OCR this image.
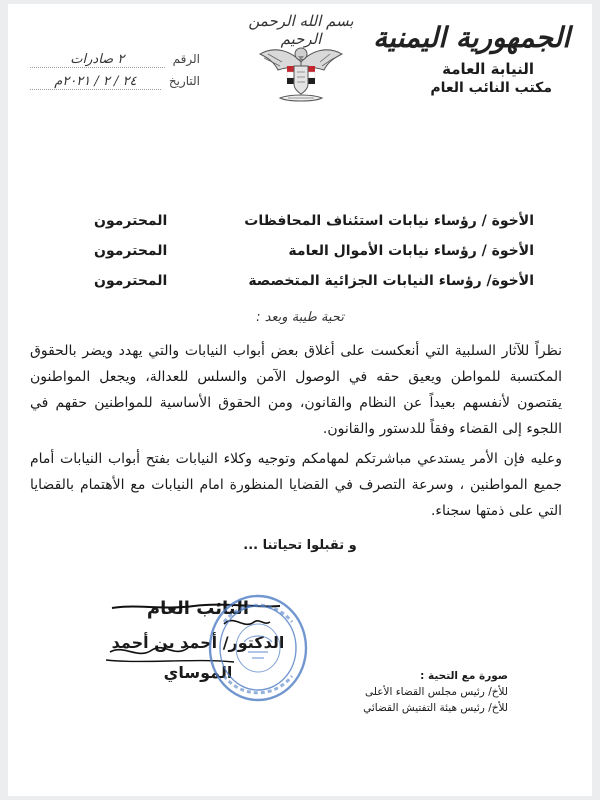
الجمهورية اليمنية
النيابة العامة
مكتب النائب العام
بسم الله الرحمن الرحيم
الرقم
٢ صادرات
التاريخ
٢٤ / ٢ / ٢٠٢١م
الأخوة / رؤساء نيابات استئناف المحافظات
المحترمون
الأخوة / رؤساء نيابات الأموال العامة
المحترمون
الأخوة/ رؤساء النيابات الجزائية المتخصصة
المحترمون
تحية طيبة وبعد :

نظراً للآثار السلبية التي أنعكست على أغلاق بعض أبواب النيابات والتي يهدد ويضر بالحقوق المكتسبة للمواطن ويعيق حقه في الوصول الآمن والسلس للعدالة، ويجعل المواطنون يقتصون لأنفسهم بعيداً عن النظام والقانون، ومن الحقوق الأساسية للمواطنين حقهم في اللجوء إلى القضاء وفقاً للدستور والقانون.

وعليه فإن الأمر يستدعي مباشرتكم لمهامكم وتوجيه وكلاء النيابات بفتح أبواب النيابات أمام جميع المواطنين ، وسرعة التصرف في القضايا المنظورة امام النيابات مع الأهتمام بالقضايا التي على ذمتها سجناء.

و تقبلوا تحياتنا ...
النائب العام
الدكتور/ أحمد بن أحمد الموساي	صورة مع التحية :
للأخ/ رئيس مجلس القضاء الأعلى
للأخ/ رئيس هيئة التفتيش القضائي
